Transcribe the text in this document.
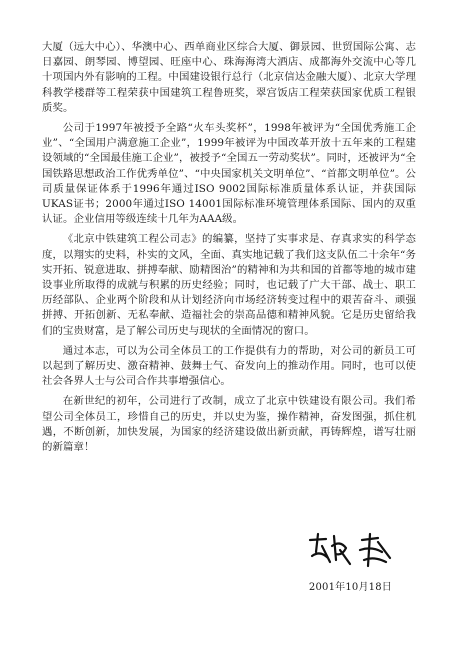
大厦（远大中心）、华澳中心、西单商业区综合大厦、御景园、世贸国际公寓、志日嘉园、朗琴园、博望园、旺座中心、珠海海湾大酒店、成都海外交流中心等几十项国内外有影响的工程。中国建设银行总行（北京信达金融大厦）、北京大学理科教学楼群等工程荣获中国建筑工程鲁班奖，翠宫饭店工程荣获国家优质工程银质奖。

公司于1997年被授予全路“火车头奖杯”，1998年被评为“全国优秀施工企业”、“全国用户满意施工企业”，1999年被评为中国改革开放十五年来的工程建设领域的“全国最佳施工企业”，被授予“全国五一劳动奖状”。同时，还被评为“全国铁路思想政治工作优秀单位”、“中央国家机关文明单位”、“首都文明单位”。公司质量保证体系于1996年通过ISO 9002国际标准质量体系认证，并获国际UKAS证书；2000年通过ISO 14001国际标准环境管理体系国际、国内的双重认证。企业信用等级连续十几年为AAA级。

《北京中铁建筑工程公司志》的编纂，坚持了实事求是、存真求实的科学态度，以翔实的史料，朴实的文风，全面、真实地记载了我们这支队伍二十余年“务实开拓、锐意进取、拼搏奉献、励精图治”的精神和为共和国的首都等地的城市建设事业所取得的成就与积累的历史经验；同时，也记载了广大干部、战士、职工历经部队、企业两个阶段和从计划经济向市场经济转变过程中的艰苦奋斗、顽强拼搏、开拓创新、无私奉献、造福社会的崇高品德和精神风貌。它是历史留给我们的宝贵财富，是了解公司历史与现状的全面情况的窗口。

通过本志，可以为公司全体员工的工作提供有力的帮助，对公司的新员工可以起到了解历史、激奋精神、鼓舞士气、奋发向上的推动作用。同时，也可以使社会各界人士与公司合作共事增强信心。

在新世纪的初年，公司进行了改制，成立了北京中铁建设有限公司。我们希望公司全体员工，珍惜自己的历史，并以史为鉴，操作精神，奋发图强，抓住机遇，不断创新，加快发展，为国家的经济建设做出新贡献，再铸辉煌，谱写壮丽的新篇章！

2001年10月18日
